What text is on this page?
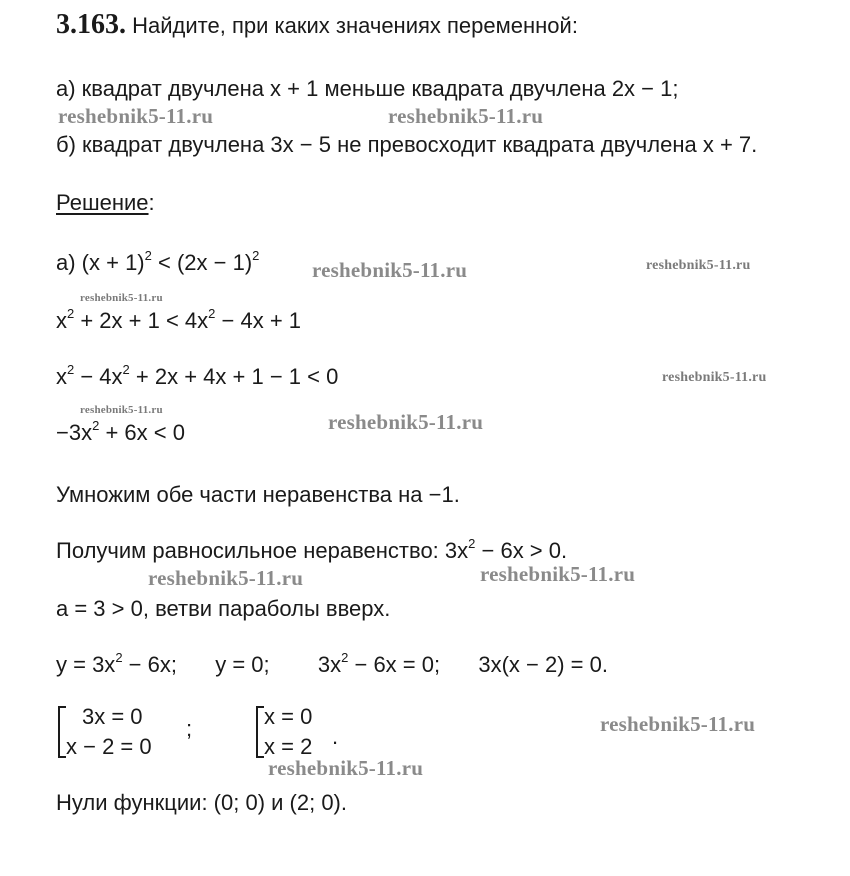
3.163. Найдите, при каких значениях переменной:
а) квадрат двучлена x + 1 меньше квадрата двучлена 2x − 1;
reshebnik5-11.ru	reshebnik5-11.ru
б) квадрат двучлена 3x − 5 не превосходит квадрата двучлена x + 7.
Решение:
а) $(x + 1)^2 < (2x - 1)^2$
reshebnik5-11.ru	reshebnik5-11.ru
reshebnik5-11.ru
$x^2 + 2x + 1 < 4x^2 - 4x + 1$
$x^2 - 4x^2 + 2x + 4x + 1 - 1 < 0$	reshebnik5-11.ru
reshebnik5-11.ru
$-3x^2 + 6x < 0$	reshebnik5-11.ru
Умножим обе части неравенства на −1.
Получим равносильное неравенство: $3x^2 - 6x > 0$.
reshebnik5-11.ru	reshebnik5-11.ru
a = 3 > 0, ветви параболы вверх.
$y = 3x^2 - 6x$; y = 0; $3x^2 - 6x = 0$; 3x(x − 2) = 0.
3x = 0
x − 2 = 0
;	x = 0
x = 2 .	reshebnik5-11.ru
reshebnik5-11.ru
Нули функции: (0; 0) и (2; 0).
